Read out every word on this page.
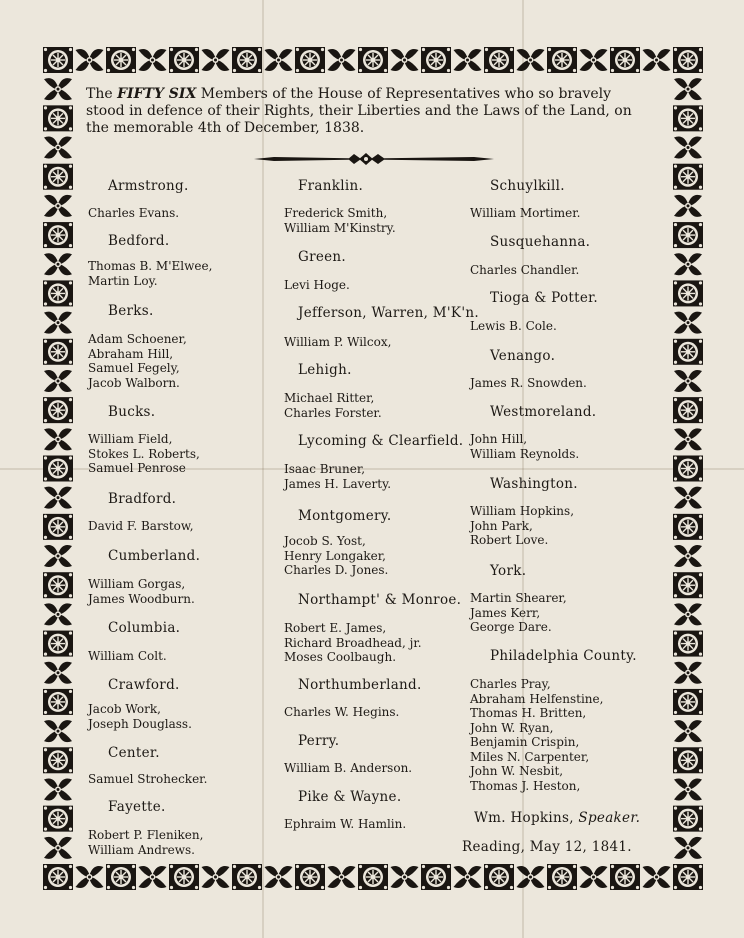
The FIFTY SIX Members of the House of Representatives who so bravely
stood in defence of their Rights, their Liberties and the Laws of the Land, on
the memorable 4th of December, 1838.
Armstrong.
Charles Evans.
Bedford.
Thomas B. M'Elwee,
Martin Loy.
Berks.
Adam Schoener,
Abraham Hill,
Samuel Fegely,
Jacob Walborn.
Bucks.
William Field,
Stokes L. Roberts,
Samuel Penrose
Bradford.
David F. Barstow,
Cumberland.
William Gorgas,
James Woodburn.
Columbia.
William Colt.
Crawford.
Jacob Work,
Joseph Douglass.
Center.
Samuel Strohecker.
Fayette.
Robert P. Fleniken,
William Andrews.
Franklin.
Frederick Smith,
William M'Kinstry.
Green.
Levi Hoge.
Jefferson, Warren, M'K'n.
William P. Wilcox,
Lehigh.
Michael Ritter,
Charles Forster.
Lycoming & Clearfield.
Isaac Bruner,
James H. Laverty.
Montgomery.
Jocob S. Yost,
Henry Longaker,
Charles D. Jones.
Northampt' & Monroe.
Robert E. James,
Richard Broadhead, jr.
Moses Coolbaugh.
Northumberland.
Charles W. Hegins.
Perry.
William B. Anderson.
Pike & Wayne.
Ephraim W. Hamlin.
Schuylkill.
William Mortimer.
Susquehanna.
Charles Chandler.
Tioga & Potter.
Lewis B. Cole.
Venango.
James R. Snowden.
Westmoreland.
John Hill,
William Reynolds.
Washington.
William Hopkins,
John Park,
Robert Love.
York.
Martin Shearer,
James Kerr,
George Dare.
Philadelphia County.
Charles Pray,
Abraham Helfenstine,
Thomas H. Britten,
John W. Ryan,
Benjamin Crispin,
Miles N. Carpenter,
John W. Nesbit,
Thomas J. Heston,
Wm. Hopkins, Speaker.
Reading, May 12, 1841.
